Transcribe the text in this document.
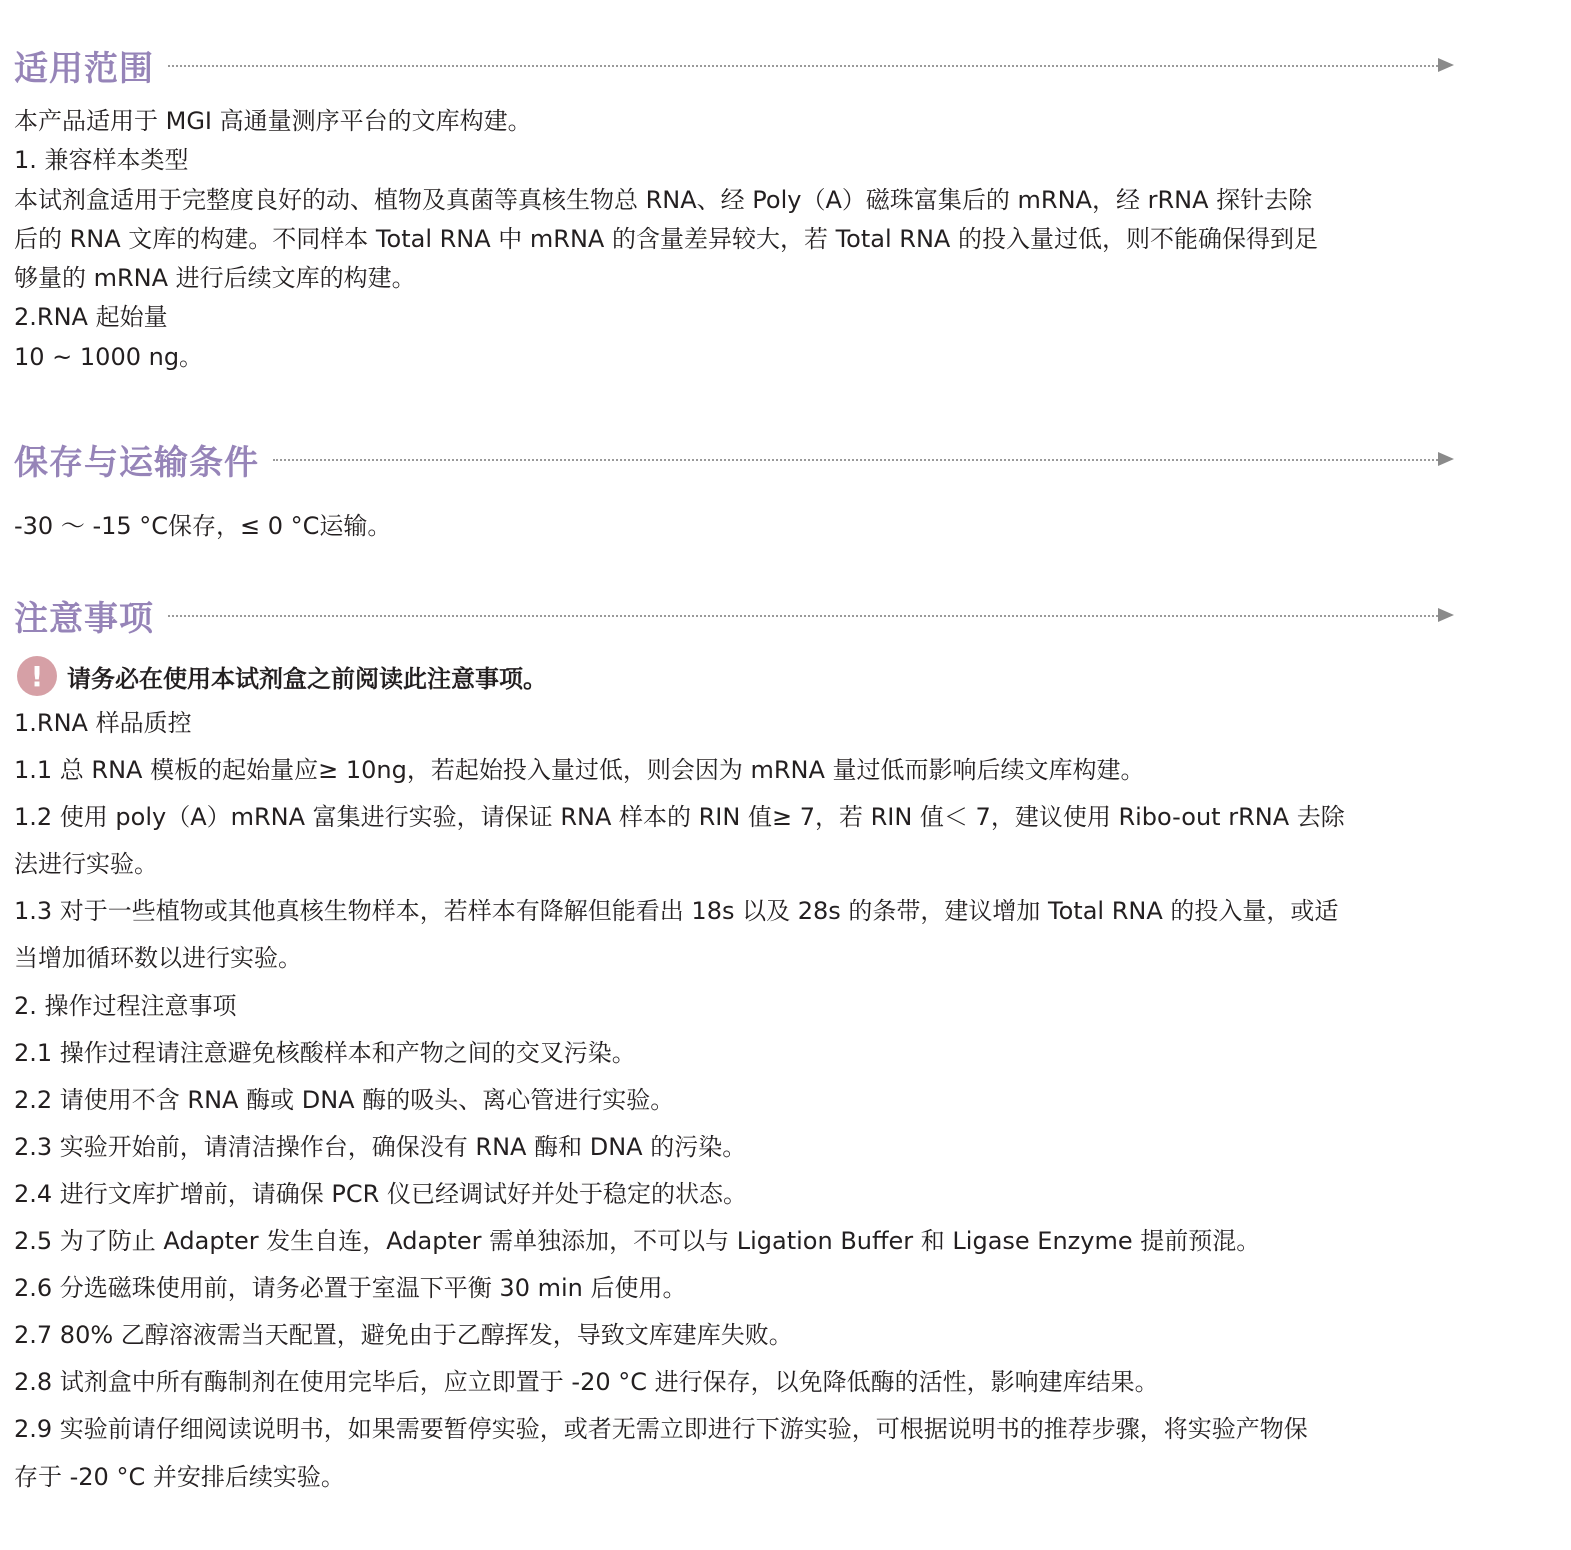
适用范围
本产品适用于 MGI 高通量测序平台的文库构建。
1. 兼容样本类型
本试剂盒适用于完整度良好的动、植物及真菌等真核生物总 RNA、经 Poly（A）磁珠富集后的 mRNA，经 rRNA 探针去除
后的 RNA 文库的构建。不同样本 Total RNA 中 mRNA 的含量差异较大，若 Total RNA 的投入量过低，则不能确保得到足
够量的 mRNA 进行后续文库的构建。
2.RNA 起始量
10 ~ 1000 ng。
保存与运输条件
-30 ～ -15 °C保存，≤ 0 °C运输。
注意事项
! 请务必在使用本试剂盒之前阅读此注意事项。
1.RNA 样品质控
1.1 总 RNA 模板的起始量应≥ 10ng，若起始投入量过低，则会因为 mRNA 量过低而影响后续文库构建。
1.2 使用 poly（A）mRNA 富集进行实验，请保证 RNA 样本的 RIN 值≥ 7，若 RIN 值＜ 7，建议使用 Ribo-out rRNA 去除
法进行实验。
1.3 对于一些植物或其他真核生物样本，若样本有降解但能看出 18s 以及 28s 的条带，建议增加 Total RNA 的投入量，或适
当增加循环数以进行实验。
2. 操作过程注意事项
2.1 操作过程请注意避免核酸样本和产物之间的交叉污染。
2.2 请使用不含 RNA 酶或 DNA 酶的吸头、离心管进行实验。
2.3 实验开始前，请清洁操作台，确保没有 RNA 酶和 DNA 的污染。
2.4 进行文库扩增前，请确保 PCR 仪已经调试好并处于稳定的状态。
2.5 为了防止 Adapter 发生自连，Adapter 需单独添加，不可以与 Ligation Buffer 和 Ligase Enzyme 提前预混。
2.6 分选磁珠使用前，请务必置于室温下平衡 30 min 后使用。
2.7 80% 乙醇溶液需当天配置，避免由于乙醇挥发，导致文库建库失败。
2.8 试剂盒中所有酶制剂在使用完毕后，应立即置于 -20 °C 进行保存，以免降低酶的活性，影响建库结果。
2.9 实验前请仔细阅读说明书，如果需要暂停实验，或者无需立即进行下游实验，可根据说明书的推荐步骤，将实验产物保
存于 -20 °C 并安排后续实验。
